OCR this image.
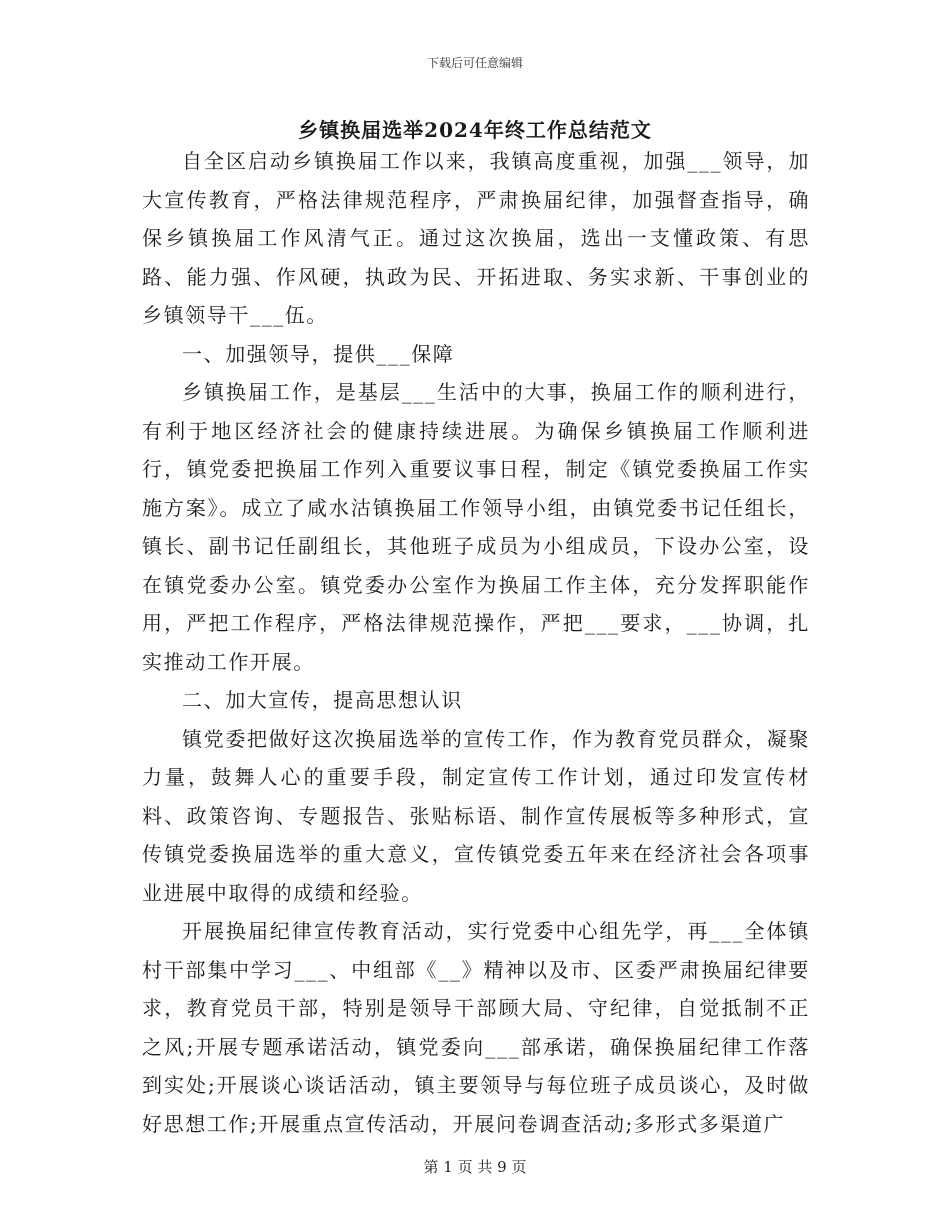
下载后可任意编辑
乡镇换届选举2024年终工作总结范文

自全区启动乡镇换届工作以来，我镇高度重视，加强___领导，加大宣传教育，严格法律规范程序，严肃换届纪律，加强督查指导，确保乡镇换届工作风清气正。通过这次换届，选出一支懂政策、有思路、能力强、作风硬，执政为民、开拓进取、务实求新、干事创业的乡镇领导干___伍。

一、加强领导，提供___保障

乡镇换届工作，是基层___生活中的大事，换届工作的顺利进行，有利于地区经济社会的健康持续进展。为确保乡镇换届工作顺利进行，镇党委把换届工作列入重要议事日程，制定《镇党委换届工作实施方案》。成立了咸水沽镇换届工作领导小组，由镇党委书记任组长，镇长、副书记任副组长，其他班子成员为小组成员，下设办公室，设在镇党委办公室。镇党委办公室作为换届工作主体，充分发挥职能作用，严把工作程序，严格法律规范操作，严把___要求，___协调，扎实推动工作开展。

二、加大宣传，提高思想认识

镇党委把做好这次换届选举的宣传工作，作为教育党员群众，凝聚力量，鼓舞人心的重要手段，制定宣传工作计划，通过印发宣传材料、政策咨询、专题报告、张贴标语、制作宣传展板等多种形式，宣传镇党委换届选举的重大意义，宣传镇党委五年来在经济社会各项事业进展中取得的成绩和经验。

开展换届纪律宣传教育活动，实行党委中心组先学，再___全体镇村干部集中学习___、中组部《__》精神以及市、区委严肃换届纪律要求，教育党员干部，特别是领导干部顾大局、守纪律，自觉抵制不正之风;开展专题承诺活动，镇党委向___部承诺，确保换届纪律工作落到实处;开展谈心谈话活动，镇主要领导与每位班子成员谈心，及时做好思想工作;开展重点宣传活动，开展问卷调查活动;多形式多渠道广

第 1 页 共 9 页
